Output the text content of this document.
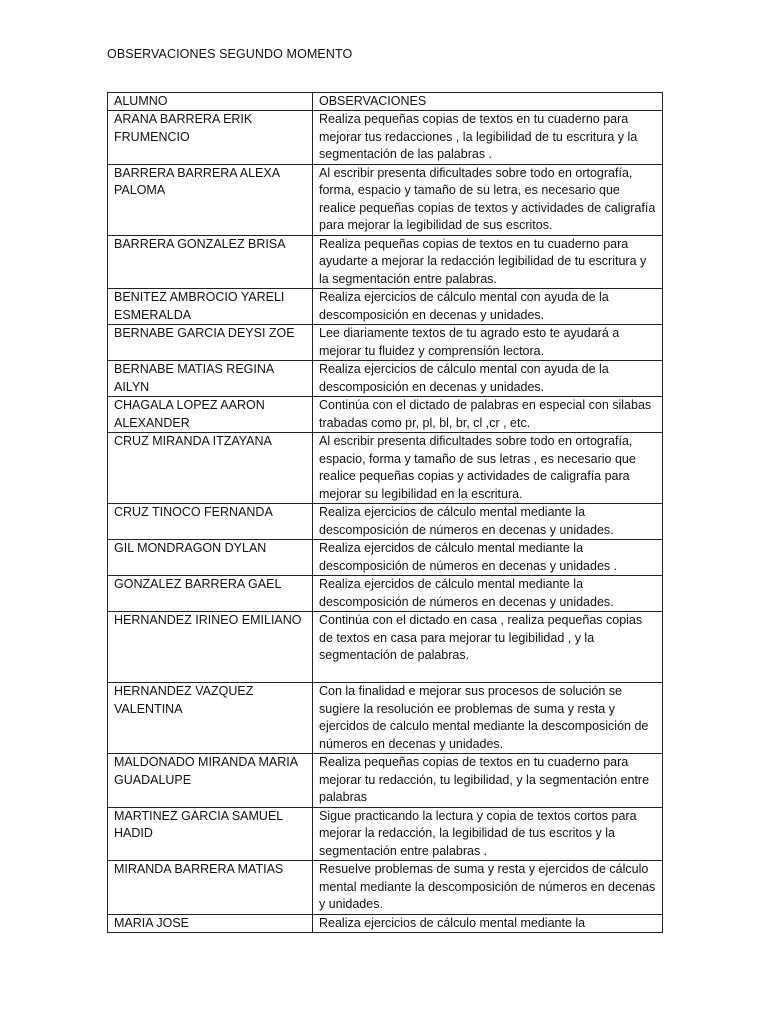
OBSERVACIONES SEGUNDO MOMENTO
ALUMNO	OBSERVACIONES
ARANA BARRERA ERIK FRUMENCIO	Realiza pequeñas copias de textos en tu cuaderno para mejorar tus redacciones , la legibilidad de tu escritura y la segmentación de las palabras .
BARRERA BARRERA ALEXA PALOMA	Al escribir presenta dificultades sobre todo en ortografía, forma, espacio y tamaño de su letra, es necesario que realice pequeñas copias de textos y actividades de caligrafía para mejorar la legibilidad de sus escritos.
BARRERA GONZALEZ BRISA	Realiza pequeñas copias de textos en tu cuaderno para ayudarte a mejorar la redacción legibilidad de tu escritura y la segmentación entre palabras.
BENITEZ AMBROCIO YARELI ESMERALDA	Realiza ejercicios de cálculo mental con ayuda de la descomposición en decenas y unidades.
BERNABE GARCIA DEYSI ZOE	Lee diariamente textos de tu agrado esto te ayudará a mejorar tu fluidez y comprensión lectora.
BERNABE MATIAS REGINA AILYN	Realiza ejercicios de cálculo mental con ayuda de la descomposición en decenas y unidades.
CHAGALA LOPEZ AARON ALEXANDER	Continúa con el dictado de palabras en especial con silabas trabadas como pr, pl, bl, br, cl ,cr , etc.
CRUZ MIRANDA ITZAYANA	Al escribir presenta dificultades sobre todo en ortografía, espacio, forma y tamaño de sus letras , es necesario que realice pequeñas copias y actividades de caligrafía para mejorar su legibilidad en la escritura.
CRUZ TINOCO FERNANDA	Realiza ejercicios de cálculo mental mediante la descomposición de números en decenas y unidades.
GIL MONDRAGON DYLAN	Realiza ejercidos de cálculo mental mediante la descomposición de números en decenas y unidades .
GONZALEZ BARRERA GAEL	Realiza ejercidos de cálculo mental mediante la descomposición de números en decenas y unidades.
HERNANDEZ IRINEO EMILIANO	Continúa con el dictado en casa , realiza pequeñas copias de textos en casa para mejorar tu legibilidad , y la segmentación de palabras.
HERNANDEZ VAZQUEZ VALENTINA	Con la finalidad e mejorar sus procesos de solución se sugiere la resolución ee problemas de suma y resta y ejercidos de calculo mental mediante la descomposición de números en decenas y unidades.
MALDONADO MIRANDA MARIA GUADALUPE	Realiza pequeñas copias de textos en tu cuaderno para mejorar tu redacción, tu legibilidad, y la segmentación entre palabras
MARTINEZ GARCIA SAMUEL HADID	Sigue practicando la lectura y copia de textos cortos para mejorar la redacción, la legibilidad de tus escritos y la segmentación entre palabras .
MIRANDA BARRERA MATIAS	Resuelve problemas de suma y resta y ejercidos de cálculo mental mediante la descomposición de números en decenas y unidades.
MARIA JOSE	Realiza ejercicios de cálculo mental mediante la
